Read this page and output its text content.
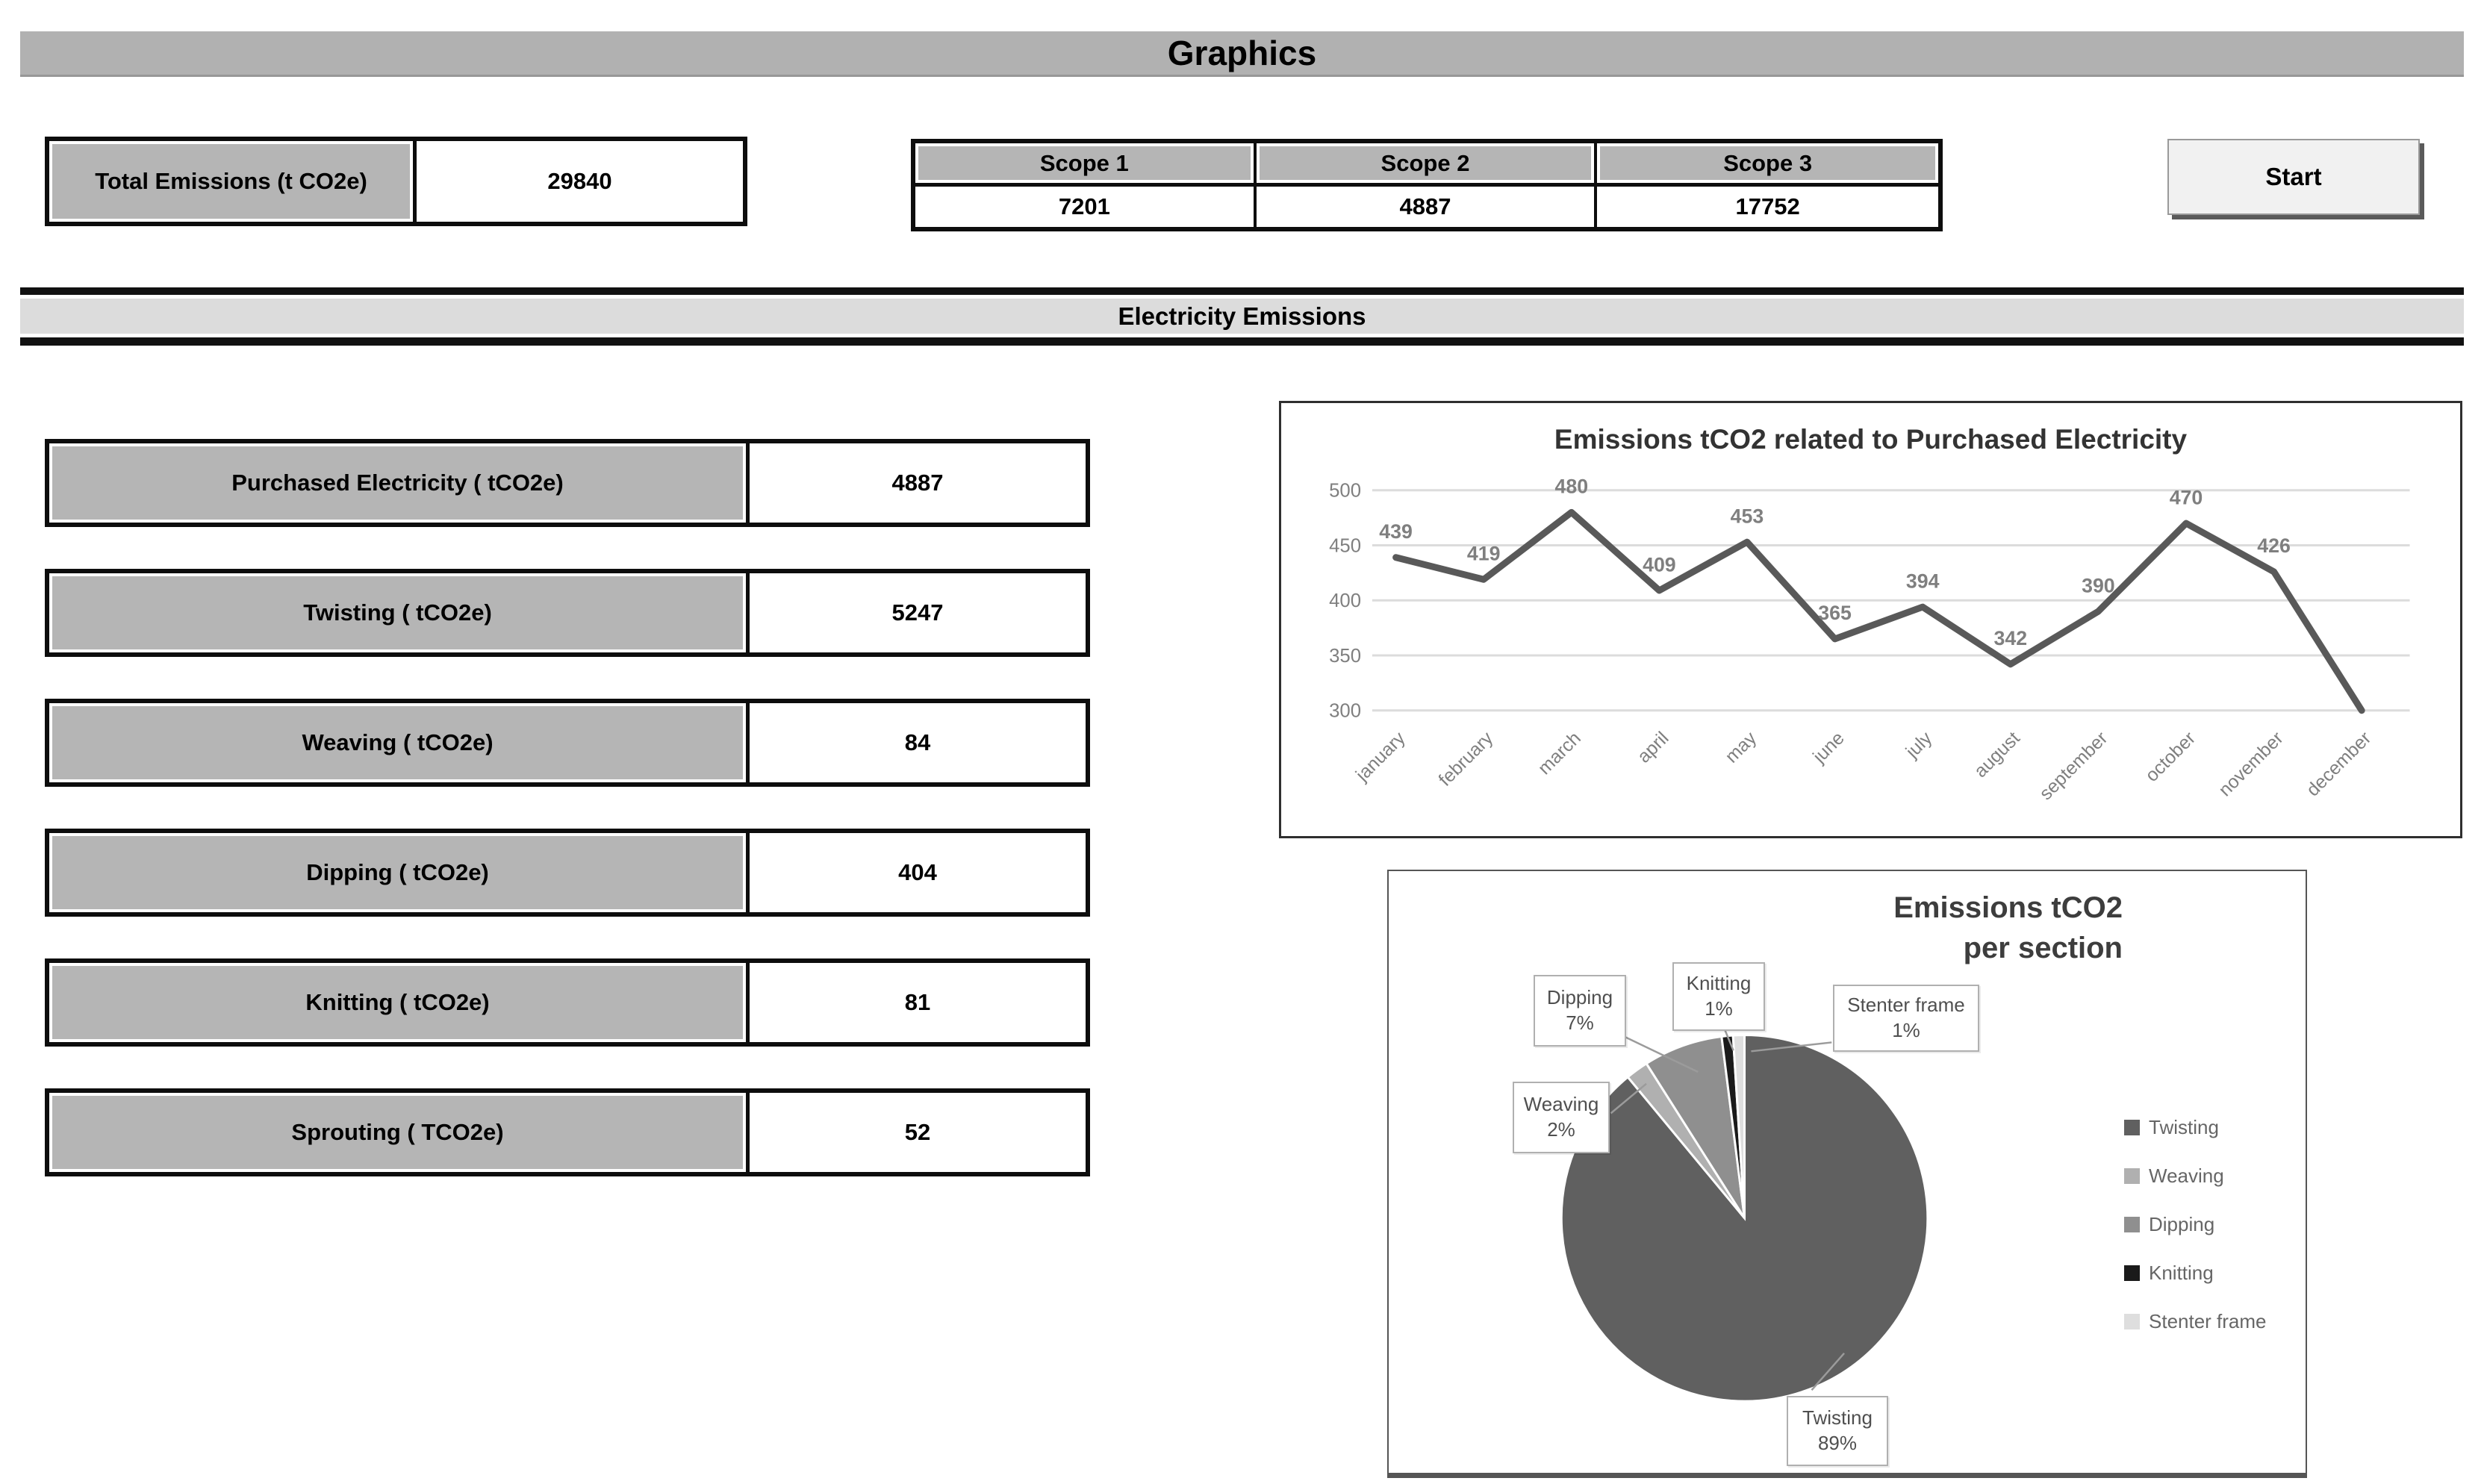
Graphics
Total Emissions (t CO2e)	29840
Scope 1	Scope 2	Scope 3
7201	4887	17752
Start
Electricity Emissions
Purchased Electricity ( tCO2e)	4887
Twisting ( tCO2e)	5247
Weaving ( tCO2e)	84
Dipping ( tCO2e)	404
Knitting ( tCO2e)	81
Sprouting ( TCO2e)	52
500
450
400
350
300
439
419
480
409
453
365
394
342
390
470
426
january february march	april	may	june	july august september october november december
Emissions tCO2 related to Purchased Electricity
Emissions tCO2
per section
Dipping
7%
Knitting
1%	Stenter frame
1%
Weaving
2%
Twisting
89%
Twisting
Weaving
Dipping
Knitting
Stenter frame
